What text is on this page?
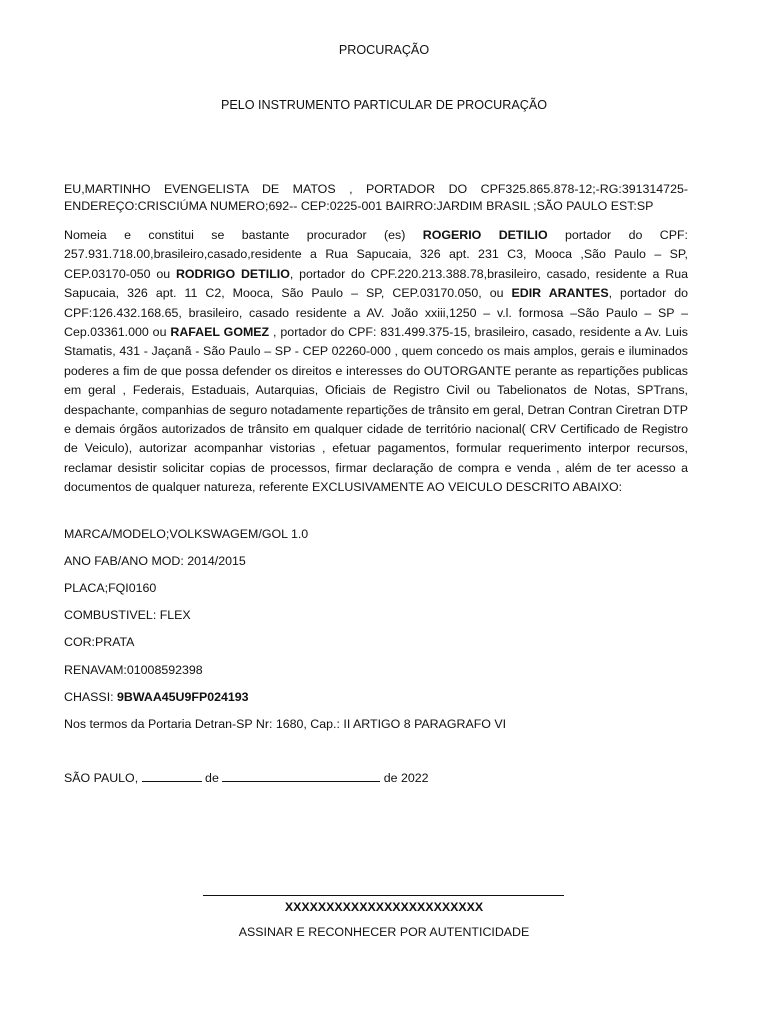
PROCURAÇÃO

PELO INSTRUMENTO PARTICULAR DE PROCURAÇÃO

EU,MARTINHO EVENGELISTA DE MATOS , PORTADOR DO CPF325.865.878-12;-RG:391314725- ENDEREÇO:CRISCIÚMA NUMERO;692-- CEP:0225-001 BAIRRO:JARDIM BRASIL ;SÃO PAULO EST:SP

Nomeia e constitui se bastante procurador (es) ROGERIO DETILIO portador do CPF: 257.931.718.00,brasileiro,casado,residente a Rua Sapucaia, 326 apt. 231 C3, Mooca ,São Paulo – SP, CEP.03170-050 ou RODRIGO DETILIO, portador do CPF.220.213.388.78,brasileiro, casado, residente a Rua Sapucaia, 326 apt. 11 C2, Mooca, São Paulo – SP, CEP.03170.050, ou EDIR ARANTES, portador do CPF:126.432.168.65, brasileiro, casado residente a AV. João xxiii,1250 – v.l. formosa –São Paulo – SP – Cep.03361.000 ou RAFAEL GOMEZ , portador do CPF: 831.499.375-15, brasileiro, casado, residente a Av. Luis Stamatis, 431 - Jaçanã - São Paulo – SP - CEP 02260-000 , quem concedo os mais amplos, gerais e iluminados poderes a fim de que possa defender os direitos e interesses do OUTORGANTE perante as repartições publicas em geral , Federais, Estaduais, Autarquias, Oficiais de Registro Civil ou Tabelionatos de Notas, SPTrans, despachante, companhias de seguro notadamente repartições de trânsito em geral, Detran Contran Ciretran DTP e demais órgãos autorizados de trânsito em qualquer cidade de território nacional( CRV Certificado de Registro de Veiculo), autorizar acompanhar vistorias , efetuar pagamentos, formular requerimento interpor recursos, reclamar desistir solicitar copias de processos, firmar declaração de compra e venda , além de ter acesso a documentos de qualquer natureza, referente EXCLUSIVAMENTE AO VEICULO DESCRITO ABAIXO:

MARCA/MODELO;VOLKSWAGEM/GOL 1.0
ANO FAB/ANO MOD: 2014/2015
PLACA;FQI0160
COMBUSTIVEL: FLEX
COR:PRATA
RENAVAM:01008592398
CHASSI: 9BWAA45U9FP024193
Nos termos da Portaria Detran-SP Nr: 1680, Cap.: II ARTIGO 8 PARAGRAFO VI

SÃO PAULO,	de	de 2022

XXXXXXXXXXXXXXXXXXXXXXXX

ASSINAR E RECONHECER POR AUTENTICIDADE
